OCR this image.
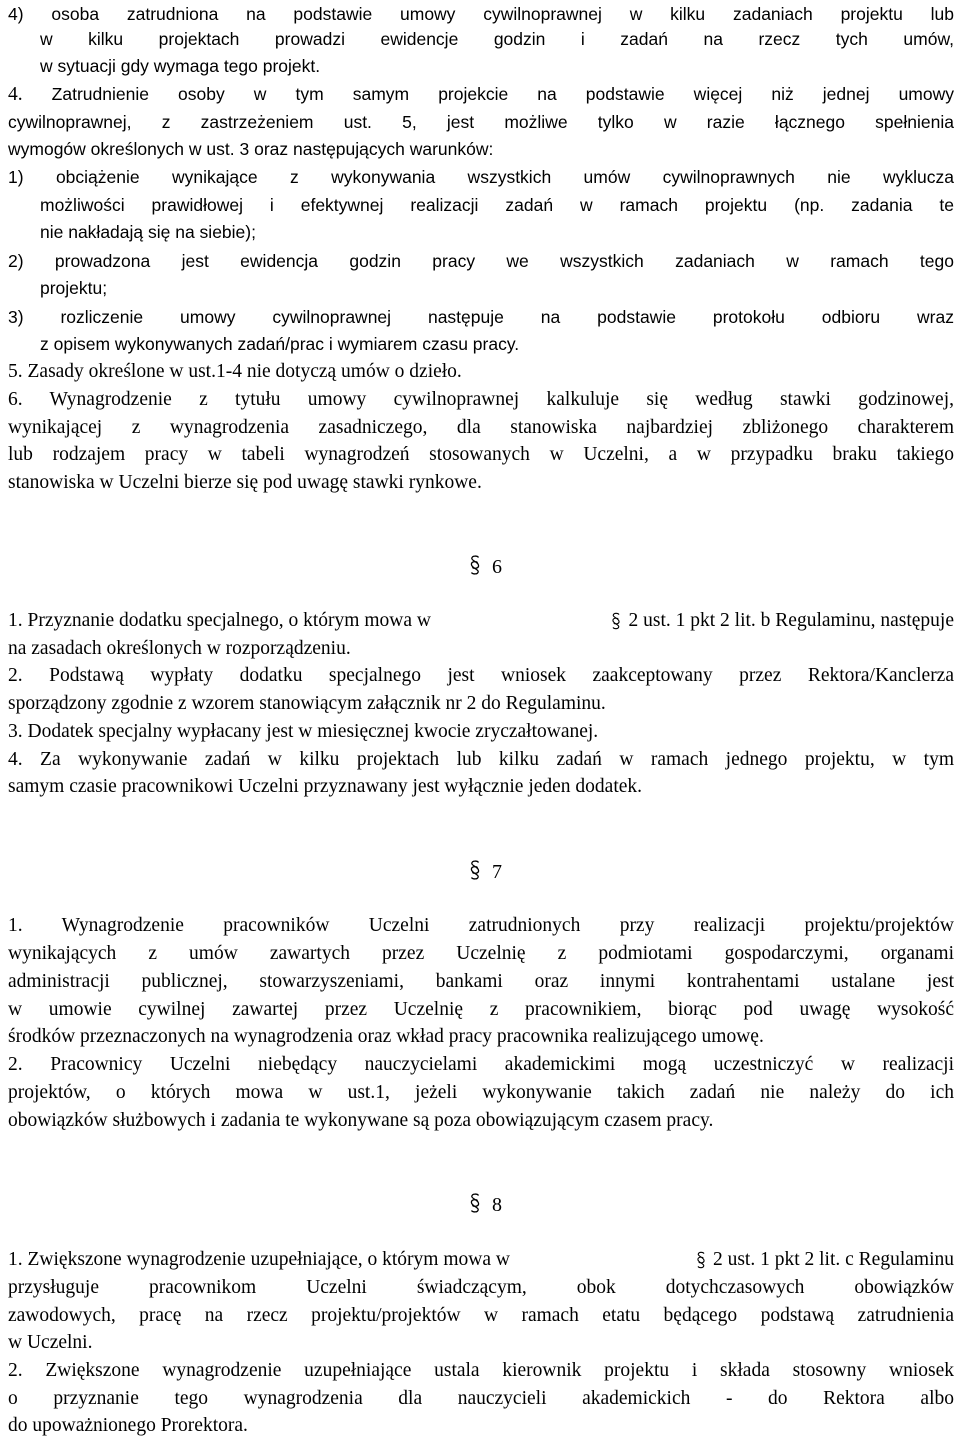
4) osoba zatrudniona na podstawie umowy cywilnoprawnej w kilku zadaniach projektu lub
w kilku projektach prowadzi ewidencje godzin i zadań na rzecz tych umów,
w sytuacji gdy wymaga tego projekt.
4. Zatrudnienie osoby w tym samym projekcie na podstawie więcej niż jednej umowy
cywilnoprawnej, z zastrzeżeniem ust. 5, jest możliwe tylko w razie łącznego spełnienia
wymogów określonych w ust. 3 oraz następujących warunków:
1) obciążenie wynikające z wykonywania wszystkich umów cywilnoprawnych nie wyklucza
możliwości prawidłowej i efektywnej realizacji zadań w ramach projektu (np. zadania te
nie nakładają się na siebie);
2) prowadzona jest ewidencja godzin pracy we wszystkich zadaniach w ramach tego
projektu;
3) rozliczenie umowy cywilnoprawnej następuje na podstawie protokołu odbioru wraz
z opisem wykonywanych zadań/prac i wymiarem czasu pracy.
5. Zasady określone w ust.1-4 nie dotyczą umów o dzieło.
6. Wynagrodzenie z tytułu umowy cywilnoprawnej kalkuluje się według stawki godzinowej,
wynikającej z wynagrodzenia zasadniczego, dla stanowiska najbardziej zbliżonego charakterem
lub rodzajem pracy w tabeli wynagrodzeń stosowanych w Uczelni, a w przypadku braku takiego
stanowiska w Uczelni bierze się pod uwagę stawki rynkowe.
6
1. Przyznanie dodatku specjalnego, o którym mowa w	2 ust. 1 pkt 2 lit. b Regulaminu, następuje
na zasadach określonych w rozporządzeniu.
2. Podstawą wypłaty dodatku specjalnego jest wniosek zaakceptowany przez Rektora/Kanclerza
sporządzony zgodnie z wzorem stanowiącym załącznik nr 2 do Regulaminu.
3. Dodatek specjalny wypłacany jest w miesięcznej kwocie zryczałtowanej.
4. Za wykonywanie zadań w kilku projektach lub kilku zadań w ramach jednego projektu, w tym
samym czasie pracownikowi Uczelni przyznawany jest wyłącznie jeden dodatek.
7
1. Wynagrodzenie pracowników Uczelni zatrudnionych przy realizacji projektu/projektów
wynikających z umów zawartych przez Uczelnię z podmiotami gospodarczymi, organami
administracji publicznej, stowarzyszeniami, bankami oraz innymi kontrahentami ustalane jest
w umowie cywilnej zawartej przez Uczelnię z pracownikiem, biorąc pod uwagę wysokość
środków przeznaczonych na wynagrodzenia oraz wkład pracy pracownika realizującego umowę.
2. Pracownicy Uczelni niebędący nauczycielami akademickimi mogą uczestniczyć w realizacji
projektów, o których mowa w ust.1, jeżeli wykonywanie takich zadań nie należy do ich
obowiązków służbowych i zadania te wykonywane są poza obowiązującym czasem pracy.
8
1. Zwiększone wynagrodzenie uzupełniające, o którym mowa w	2 ust. 1 pkt 2 lit. c Regulaminu
przysługuje pracownikom Uczelni świadczącym, obok dotychczasowych obowiązków
zawodowych, pracę na rzecz projektu/projektów w ramach etatu będącego podstawą zatrudnienia
w Uczelni.
2. Zwiększone wynagrodzenie uzupełniające ustala kierownik projektu i składa stosowny wniosek
o przyznanie tego wynagrodzenia dla nauczycieli akademickich - do Rektora albo
do upoważnionego Prorektora.
